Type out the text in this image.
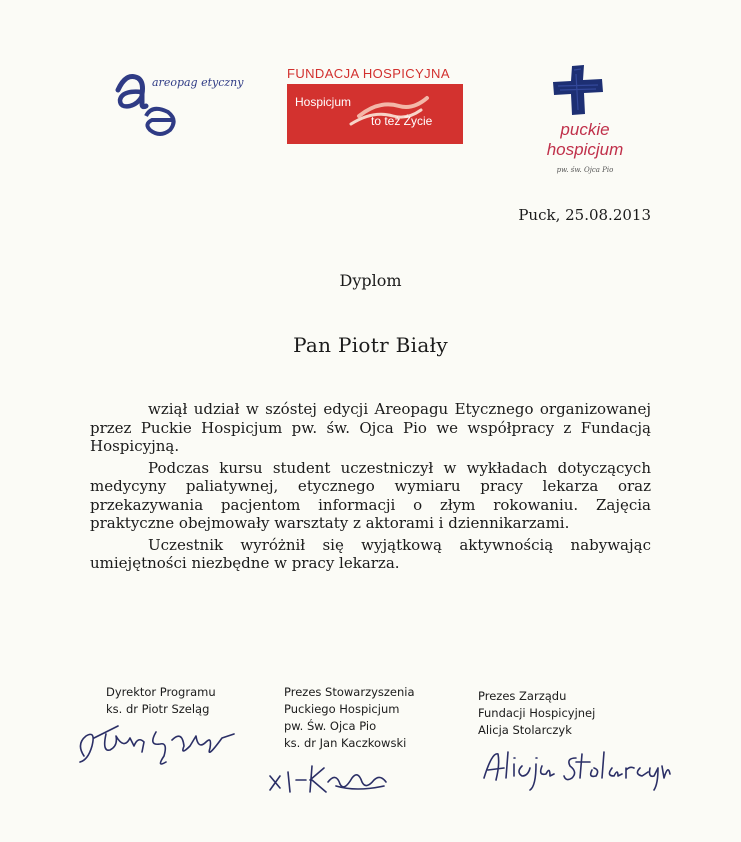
areopag etyczny
FUNDACJA HOSPICYJNA
Hospicjum
to też Życie	puckie
hospicjum
pw. św. Ojca Pio
Puck, 25.08.2013
Dyplom
Pan Piotr Biały

wziął udział w szóstej edycji Areopagu Etycznego organizowanej przez Puckie Hospicjum pw. św. Ojca Pio we współpracy z Fundacją Hospicyjną.

Podczas kursu student uczestniczył w wykładach dotyczących medycyny paliatywnej, etycznego wymiaru pracy lekarza oraz przekazywania pacjentom informacji o złym rokowaniu. Zajęcia praktyczne obejmowały warsztaty z aktorami i dziennikarzami.

Uczestnik wyróżnił się wyjątkową aktywnością nabywając umiejętności niezbędne w pracy lekarza.

Dyrektor Programu
ks. dr Piotr Szeląg
Prezes Stowarzyszenia
Puckiego Hospicjum
pw. Św. Ojca Pio
ks. dr Jan Kaczkowski
Prezes Zarządu
Fundacji Hospicyjnej
Alicja Stolarczyk
